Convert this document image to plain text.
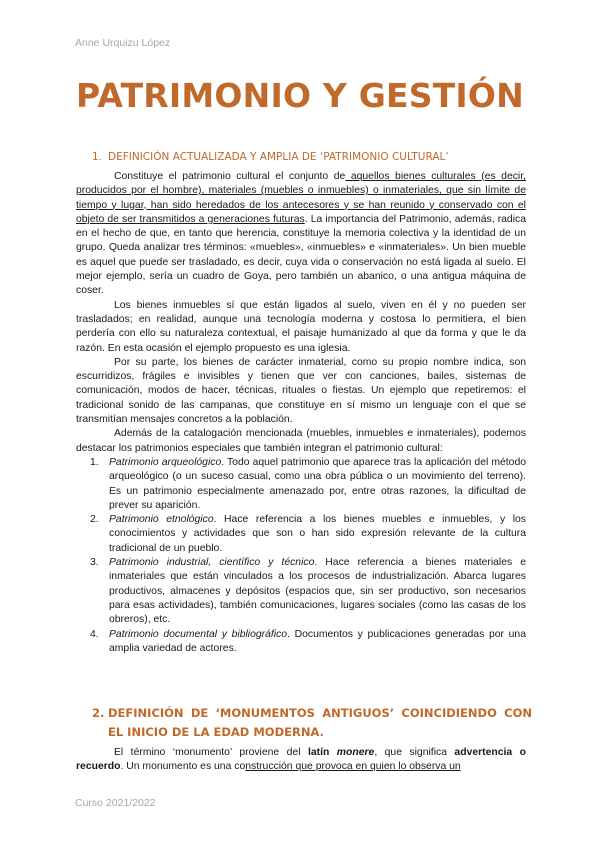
Anne Urquizu López
PATRIMONIO Y GESTIÓN
1. DEFINICIÓN ACTUALIZADA Y AMPLIA DE ‘PATRIMONIO CULTURAL’

Constituye el patrimonio cultural el conjunto de aquellos bienes culturales (es decir, producidos por el hombre), materiales (muebles o inmuebles) o inmateriales, que sin límite de tiempo y lugar, han sido heredados de los antecesores y se han reunido y conservado con el objeto de ser transmitidos a generaciones futuras. La importancia del Patrimonio, además, radica en el hecho de que, en tanto que herencia, constituye la memoria colectiva y la identidad de un grupo. Queda analizar tres términos: «muebles», «inmuebles» e «inmateriales». Un bien mueble es aquel que puede ser trasladado, es decir, cuya vida o conservación no está ligada al suelo. El mejor ejemplo, sería un cuadro de Goya, pero también un abanico, o una antigua máquina de coser.

Los bienes inmuebles sí que están ligados al suelo, viven en él y no pueden ser trasladados; en realidad, aunque una tecnología moderna y costosa lo permitiera, el bien perdería con ello su naturaleza contextual, el paisaje humanizado al que da forma y que le da razón. En esta ocasión el ejemplo propuesto es una iglesia.

Por su parte, los bienes de carácter inmaterial, como su propio nombre indica, son escurridizos, frágiles e invisibles y tienen que ver con canciones, bailes, sistemas de comunicación, modos de hacer, técnicas, rituales o fiestas. Un ejemplo que repetiremos: el tradicional sonido de las campanas, que constituye en sí mismo un lenguaje con el que se transmitían mensajes concretos a la población.

Además de la catalogación mencionada (muebles, inmuebles e inmateriales), podemos destacar los patrimonios especiales que también integran el patrimonio cultural:

1. Patrimonio arqueológico. Todo aquel patrimonio que aparece tras la aplicación del método arqueológico (o un suceso casual, como una obra pública o un movimiento del terreno). Es un patrimonio especialmente amenazado por, entre otras razones, la dificultad de prever su aparición.
2. Patrimonio etnológico. Hace referencia a los bienes muebles e inmuebles, y los conocimientos y actividades que son o han sido expresión relevante de la cultura tradicional de un pueblo.
3. Patrimonio industrial, científico y técnico. Hace referencia a bienes materiales e inmateriales que están vinculados a los procesos de industrialización. Abarca lugares productivos, almacenes y depósitos (espacios que, sin ser productivo, son necesarios para esas actividades), también comunicaciones, lugares sociales (como las casas de los obreros), etc.
4. Patrimonio documental y bibliográfico. Documentos y publicaciones generadas por una amplia variedad de actores.
2. DEFINICIÓN DE ‘MONUMENTOS ANTIGUOS’ COINCIDIENDO CON EL INICIO DE LA EDAD MODERNA.

El término ‘monumento’ proviene del latín monere, que significa advertencia o recuerdo. Un monumento es una construcción que provoca en quien lo observa un

Curso 2021/2022
